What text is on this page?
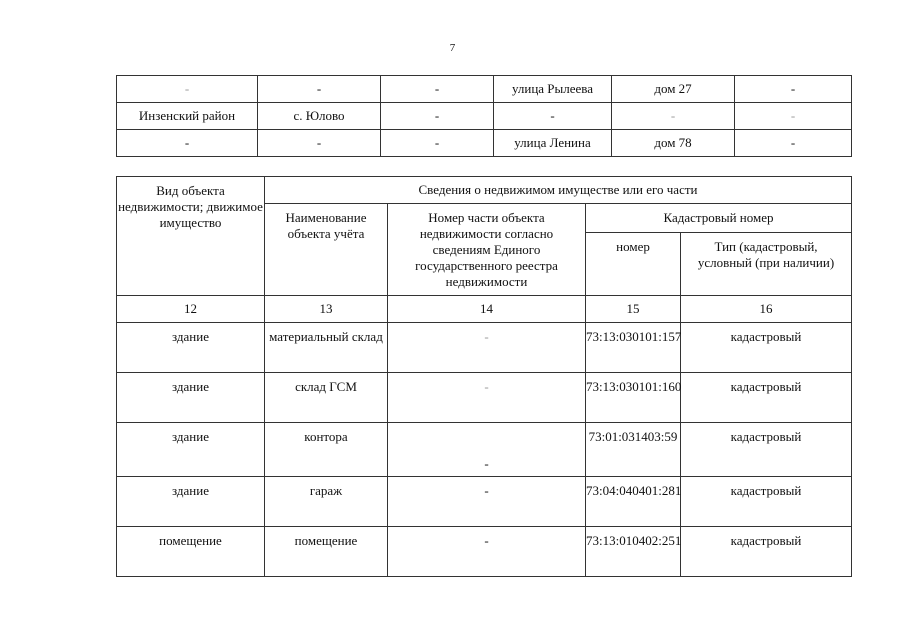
7
-	-	-	улица Рылеева	дом 27	-
Инзенский район	с. Юлово	-	-	-	-
-	-	-	улица Ленина	дом 78	-
Вид объекта недвижимости; движимое имущество	Сведения о недвижимом имуществе или его части			
	Наименование объекта учёта	Номер части объекта недвижимости согласно сведениям Единого государственного реестра недвижимости	Кадастровый номер	
			номер	Тип (кадастровый, условный (при наличии)
12	13	14	15	16
здание	материальный склад	-	73:13:030101:157	кадастровый
здание	склад ГСМ	-	73:13:030101:160	кадастровый
здание	контора	-	73:01:031403:59	кадастровый
здание	гараж	-	73:04:040401:281	кадастровый
помещение	помещение	-	73:13:010402:251	кадастровый
